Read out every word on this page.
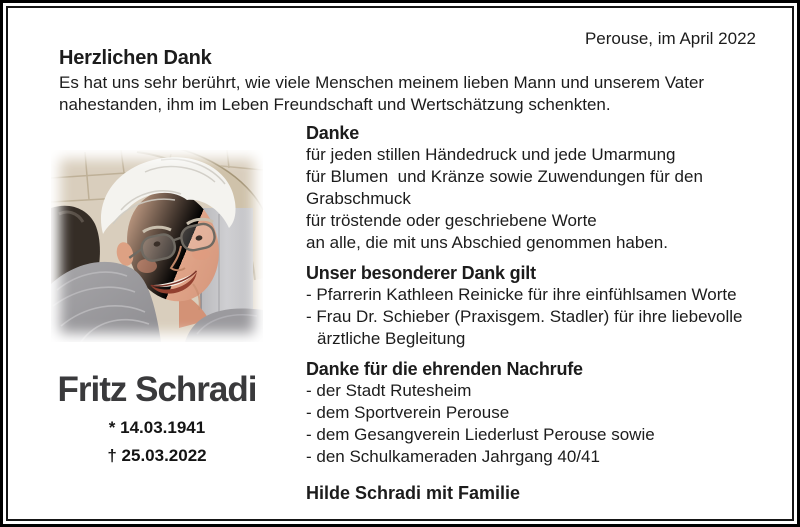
Perouse, im April 2022
Herzlichen Dank
Es hat uns sehr berührt, wie viele Menschen meinem lieben Mann und unserem Vater
nahestanden, ihm im Leben Freundschaft und Wertschätzung schenkten.
Fritz Schradi
* 14.03.1941
† 25.03.2022
Danke
für jeden stillen Händedruck und jede Umarmung
für Blumen  und Kränze sowie Zuwendungen für den
Grabschmuck
für tröstende oder geschriebene Worte
an alle, die mit uns Abschied genommen haben.
Unser besonderer Dank gilt
- Pfarrerin Kathleen Reinicke für ihre einfühlsamen Worte
- Frau Dr. Schieber (Praxisgem. Stadler) für ihre liebevolle
ärztliche Begleitung
Danke für die ehrenden Nachrufe
- der Stadt Rutesheim
- dem Sportverein Perouse
- dem Gesangverein Liederlust Perouse sowie
- den Schulkameraden Jahrgang 40/41
Hilde Schradi mit Familie
